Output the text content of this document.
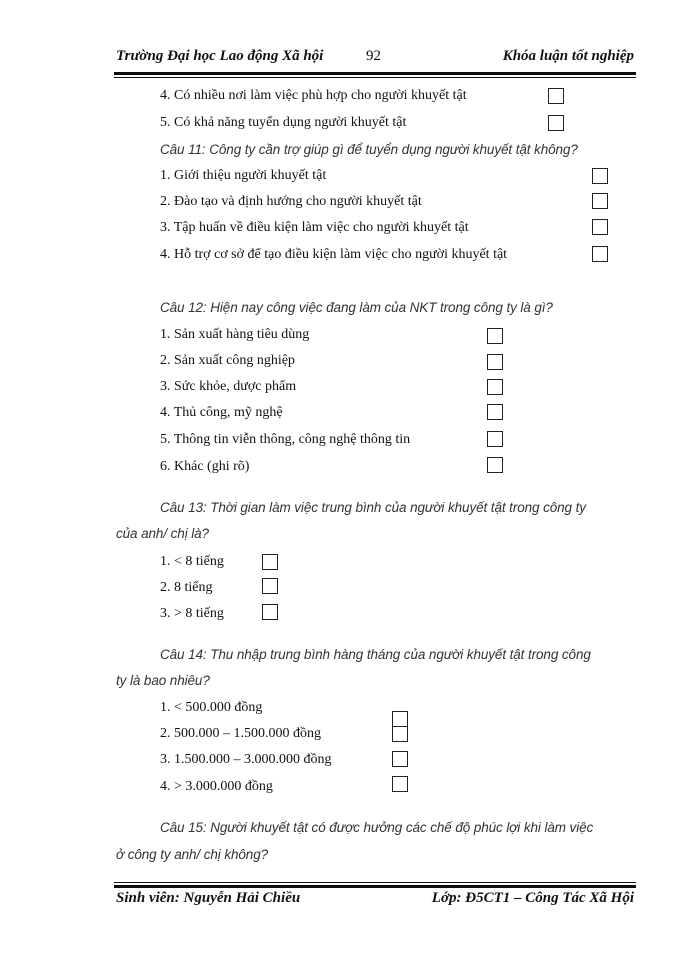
Trường Đại học Lao động Xã hội	92	Khóa luận tốt nghiệp
4. Có nhiều nơi làm việc phù hợp cho người khuyết tật
5. Có khả năng tuyển dụng người khuyết tật
Câu 11: Công ty cần trợ giúp gì để tuyển dụng người khuyết tật không?
1. Giới thiệu người khuyết tật
2. Đào tạo và định hướng cho người khuyết tật
3. Tập huấn về điều kiện làm việc cho người khuyết tật
4. Hỗ trợ cơ sở để tạo điều kiện làm việc cho người khuyết tật
Câu 12: Hiện nay công việc đang làm của NKT trong công ty là gì?
1. Sản xuất hàng tiêu dùng
2. Sản xuất công nghiệp
3. Sức khỏe, dược phẩm
4. Thủ công, mỹ nghệ
5. Thông tin viễn thông, công nghệ thông tin
6. Khác (ghi rõ)
Câu 13: Thời gian làm việc trung bình của người khuyết tật trong công ty
của anh/ chị là?
1. < 8 tiếng
2. 8 tiếng
3. > 8 tiếng
Câu 14: Thu nhập trung bình hàng tháng của người khuyết tật trong công
ty là bao nhiêu?
1. < 500.000 đồng
2. 500.000 – 1.500.000 đồng
3. 1.500.000 – 3.000.000 đồng
4. > 3.000.000 đồng
Câu 15: Người khuyết tật có được hưởng các chế độ phúc lợi khi làm việc
ở công ty anh/ chị không?
Sinh viên: Nguyễn Hải Chiều	Lớp: Đ5CT1 – Công Tác Xã Hội
